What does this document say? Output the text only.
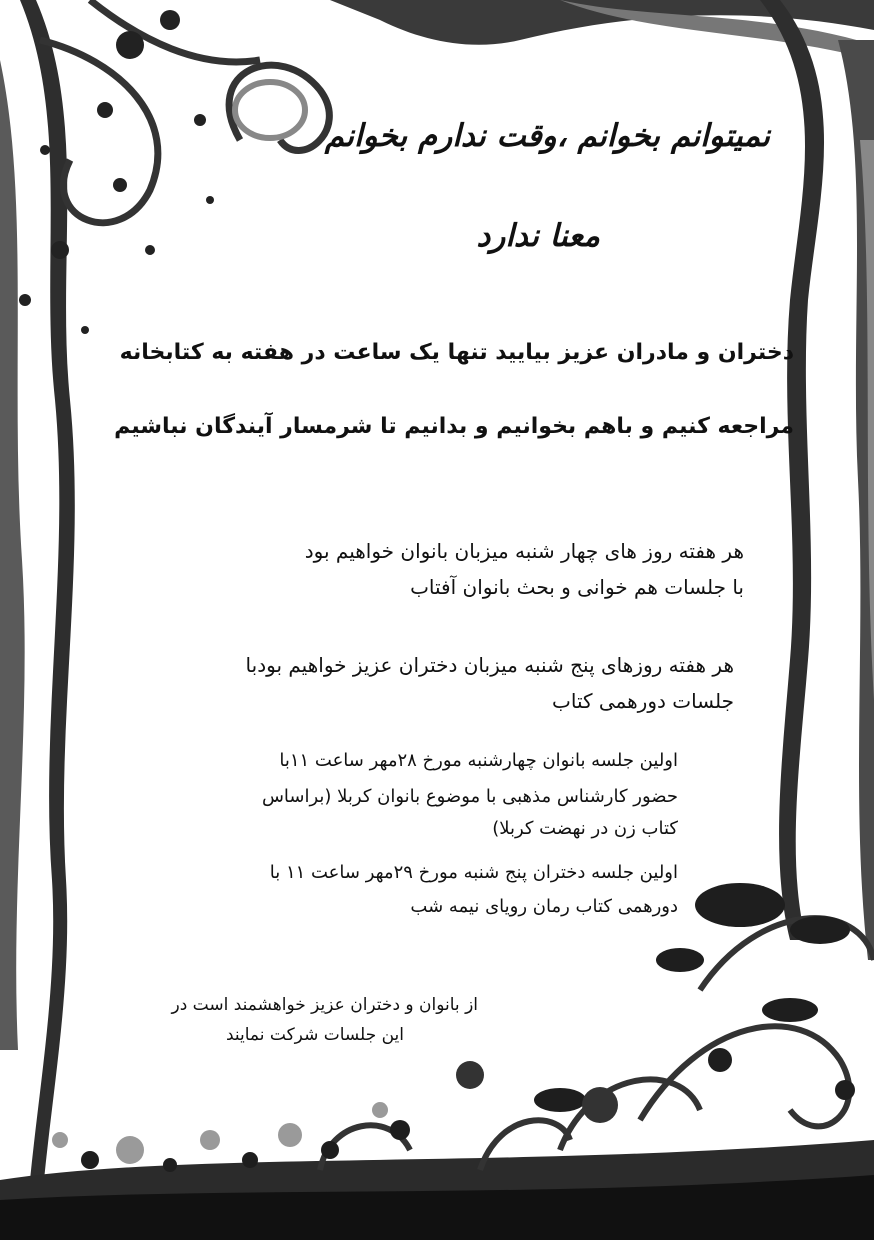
نمیتوانم بخوانم ،وقت ندارم بخوانم
معنا ندارد
دختران و مادران عزیز بیایید تنها یک ساعت در هفته به کتابخانه
مراجعه کنیم و باهم بخوانیم و بدانیم تا شرمسار آیندگان نباشیم
هر هفته روز های چهار شنبه میزبان بانوان خواهیم بود
با جلسات هم خوانی و بحث بانوان آفتاب
هر هفته روزهای پنج شنبه میزبان دختران عزیز خواهیم بودبا
جلسات دورهمی کتاب
اولین جلسه بانوان چهارشنبه مورخ ۲۸مهر ساعت ۱۱با
حضور کارشناس مذهبی با موضوع بانوان کربلا (براساس
کتاب زن در نهضت کربلا)
اولین جلسه دختران پنج شنبه مورخ ۲۹مهر ساعت ۱۱ با
دورهمی کتاب رمان رویای نیمه شب
از بانوان و دختران عزیز خواهشمند است در
این جلسات شرکت نمایند
